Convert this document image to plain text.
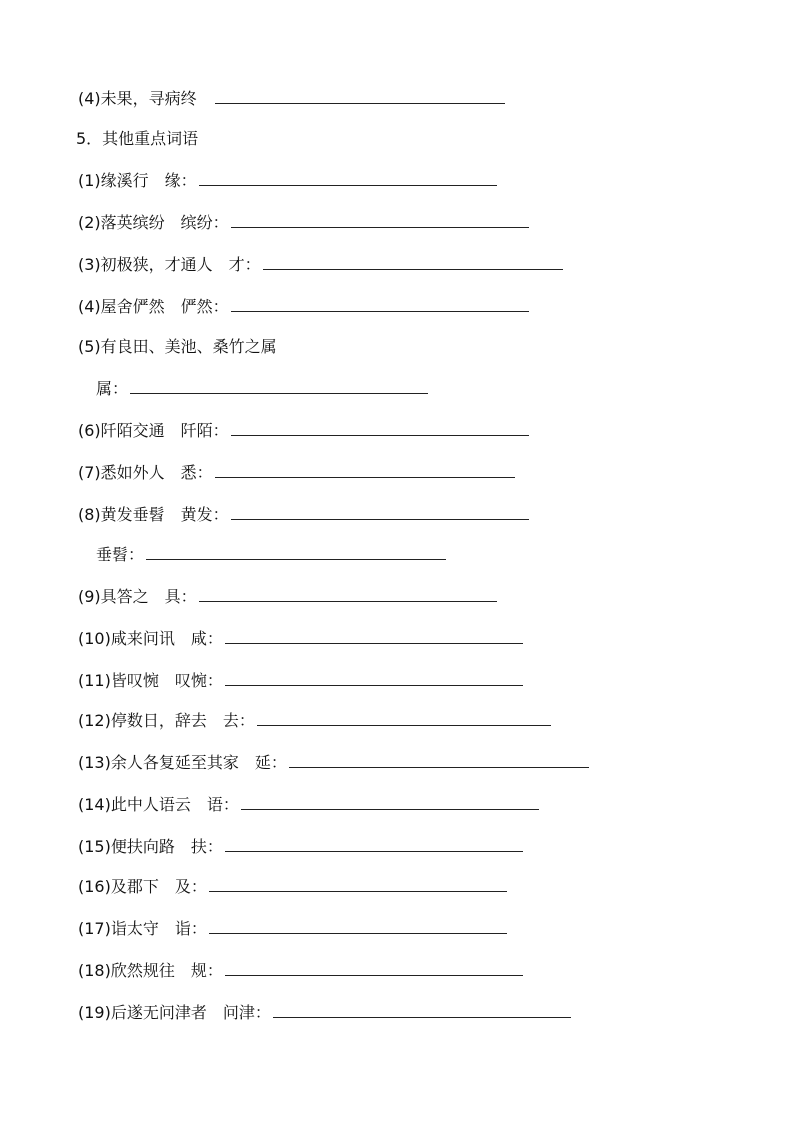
(4)未果，寻病终　
5．其他重点词语
(1)缘溪行　缘：
(2)落英缤纷　缤纷：
(3)初极狭，才通人　才：
(4)屋舍俨然　俨然：
(5)有良田、美池、桑竹之属
属：
(6)阡陌交通　阡陌：
(7)悉如外人　悉：
(8)黄发垂髫　黄发：
垂髫：
(9)具答之　具：
(10)咸来问讯　咸：
(11)皆叹惋　叹惋：
(12)停数日，辞去　去：
(13)余人各复延至其家　延：
(14)此中人语云　语：
(15)便扶向路　扶：
(16)及郡下　及：
(17)诣太守　诣：
(18)欣然规往　规：
(19)后遂无问津者　问津：
